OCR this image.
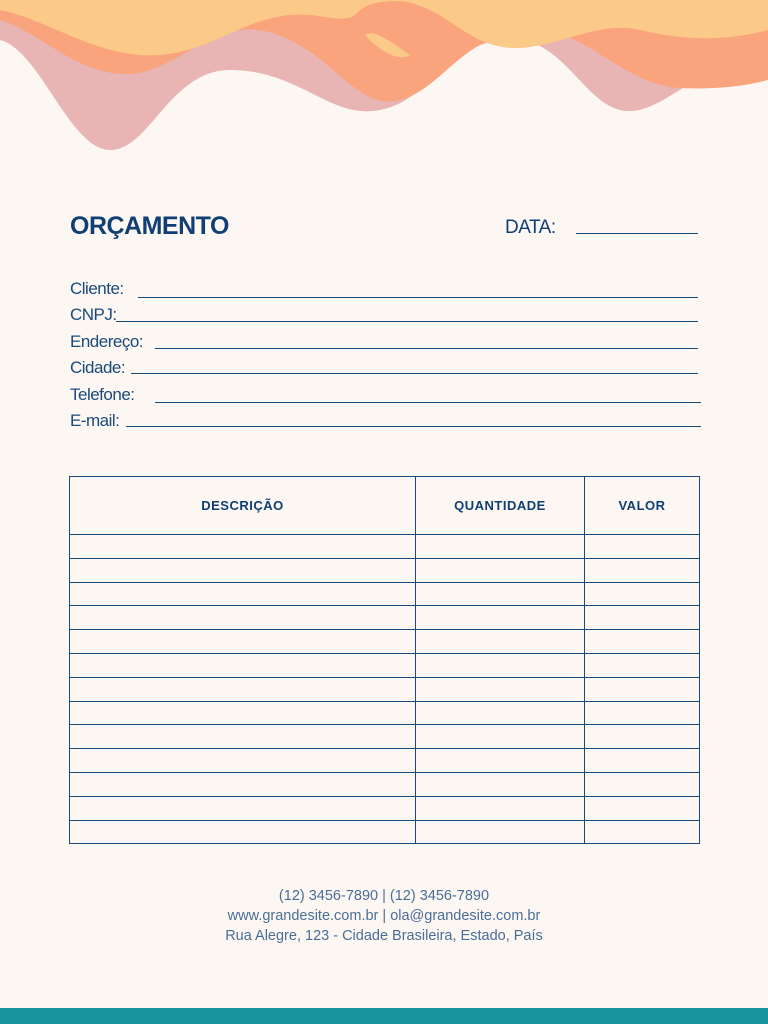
ORÇAMENTO	DATA:
Cliente:
CNPJ:
Endereço:
Cidade:
Telefone:
E-mail:
DESCRIÇÃO	QUANTIDADE	VALOR

(12) 3456-7890 | (12) 3456-7890
www.grandesite.com.br | ola@grandesite.com.br
Rua Alegre, 123 - Cidade Brasileira, Estado, País
